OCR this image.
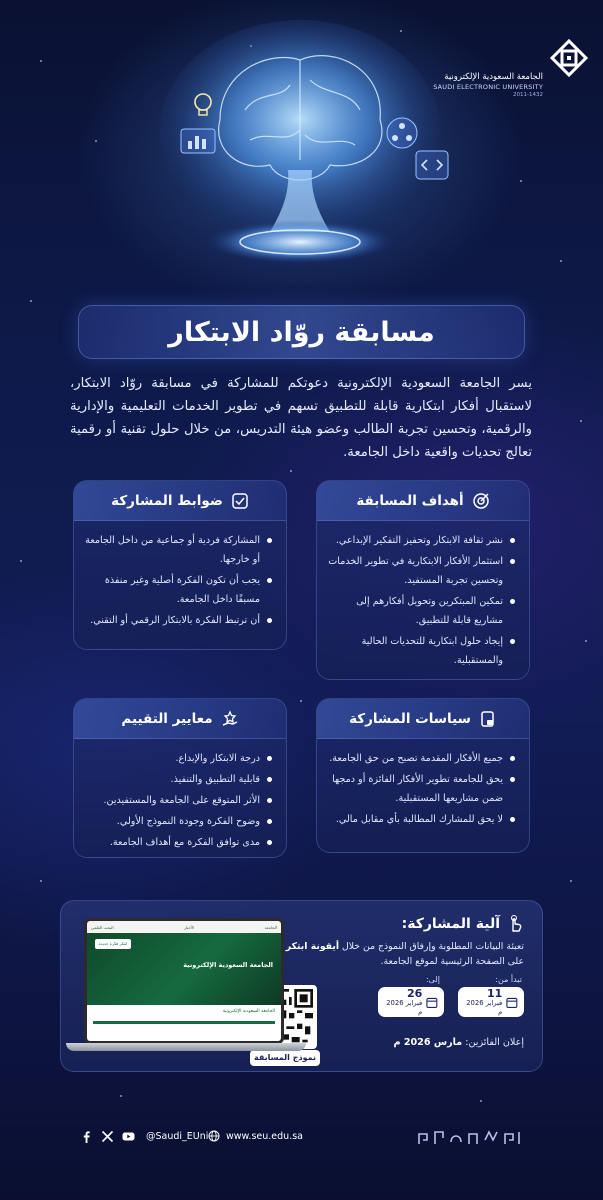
الجامعة السعودية الإلكترونية
SAUDI ELECTRONIC UNIVERSITY
2011-1432
مسابقة روّاد الابتكار

يسر الجامعة السعودية الإلكترونية دعوتكم للمشاركة في مسابقة روّاد الابتكار، لاستقبال أفكار ابتكارية قابلة للتطبيق تسهم في تطوير الخدمات التعليمية والإدارية والرقمية، وتحسين تجربة الطالب وعضو هيئة التدريس، من خلال حلول تقنية أو رقمية تعالج تحديات واقعية داخل الجامعة.

أهداف المسابقة
نشر ثقافة الابتكار وتحفيز التفكير الإبداعي.
استثمار الأفكار الابتكارية في تطوير الخدمات وتحسين تجربة المستفيد.
تمكين المبتكرين وتحويل أفكارهم إلى مشاريع قابلة للتطبيق.
إيجاد حلول ابتكارية للتحديات الحالية والمستقبلية.
ضوابط المشاركة
المشاركة فردية أو جماعية من داخل الجامعة أو خارجها.
يجب أن تكون الفكرة أصلية وغير منفذة مسبقًا داخل الجامعة.
أن ترتبط الفكرة بالابتكار الرقمي أو التقني.
سياسات المشاركة
جميع الأفكار المقدمة تصبح من حق الجامعة.
يحق للجامعة تطوير الأفكار الفائزة أو دمجها ضمن مشاريعها المستقبلية.
لا يحق للمشارك المطالبة بأي مقابل مالي.
معايير التقييم
درجة الابتكار والإبداع.
قابلية التطبيق والتنفيذ.
الأثر المتوقع على الجامعة والمستفيدين.
وضوح الفكرة وجودة النموذج الأولي.
مدى توافق الفكرة مع أهداف الجامعة.
آلية المشاركة:
تعبئة البيانات المطلوبة وإرفاق النموذج من خلال أيقونة ابتكر على الصفحة الرئيسية لموقع الجامعة.
تبدأ من:
11
فبراير 2026 م
إلى:
26
فبراير 2026 م
إعلان الفائزين: مارس 2026 م
نموذج المسابقة
الجامعة
الأخبار
البحث العلمي
ابتكر فكرة جديدة
الجامعة السعودية الإلكترونية
الجامعة السعودية الإلكترونية
@Saudi_EUni www.seu.edu.sa
